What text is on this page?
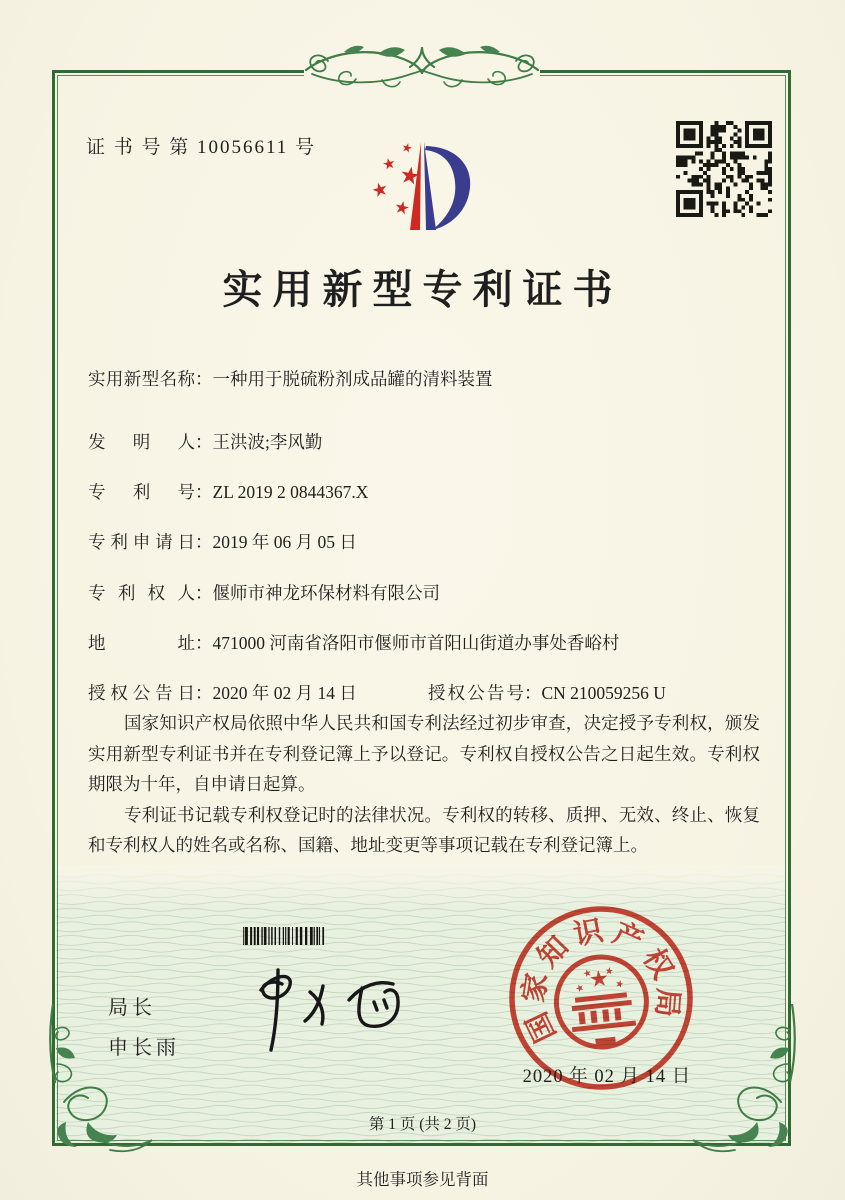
证 书 号 第 10056611 号
实用新型专利证书
实用新型名称：一种用于脱硫粉剂成品罐的清料装置
发明人：王洪波;李风勤
专利号：ZL 2019 2 0844367.X
专利申请日：2019 年 06 月 05 日
专利权人：偃师市神龙环保材料有限公司
地址：471000 河南省洛阳市偃师市首阳山街道办事处香峪村
授权公告日：2020 年 02 月 14 日	授权公告号：CN 210059256 U

国家知识产权局依照中华人民共和国专利法经过初步审查，决定授予专利权，颁发实用新型专利证书并在专利登记簿上予以登记。专利权自授权公告之日起生效。专利权期限为十年，自申请日起算。

专利证书记载专利权登记时的法律状况。专利权的转移、质押、无效、终止、恢复和专利权人的姓名或名称、国籍、地址变更等事项记载在专利登记簿上。

局长
申长雨
国
家
知
识 产
权
局
2020 年 02 月 14 日
第 1 页 (共 2 页)
其他事项参见背面
